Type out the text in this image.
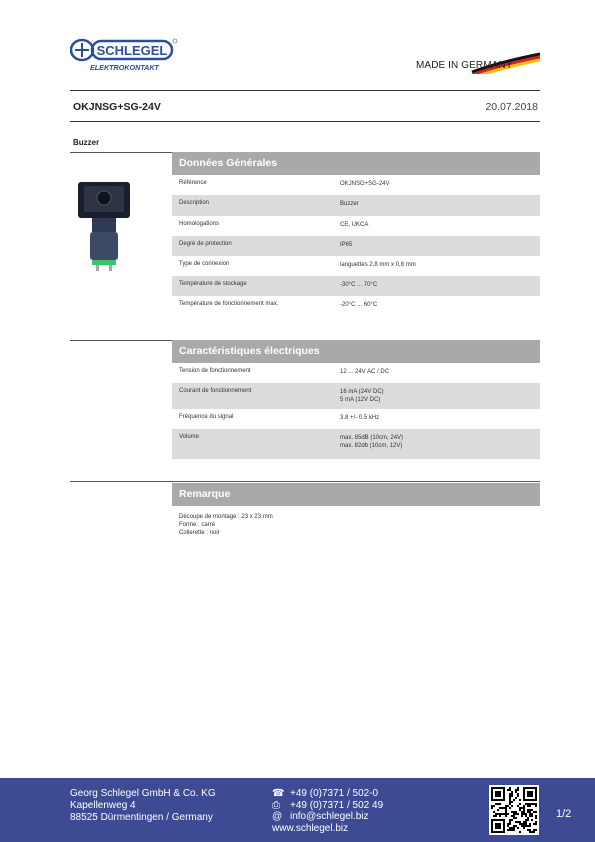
SCHLEGEL
ELEKTROKONTAKT	MADE IN GERMANY
OKJNSG+SG-24V	20.07.2018
Buzzer
Données Générales
Référence	OKJNSG+SG-24V
Description	Buzzer
Homologations	CE, UKCA
Degré de protection	IP65
Type de connexion	languettes 2,8 mm x 0,8 mm
Température de stockage	-30°C ... 70°C
Température de fonctionnement max.	-20°C ... 60°C
Caractéristiques électriques
Tension de fonctionnement	12 ... 24V AC / DC
Courant de fonctionnement	16 mA (24V DC)
5 mA (12V DC)
Fréquence du signal	3.8 +/- 0.5 kHz
Volume	max. 85dB (10cm, 24V)
max. 82db (10cm, 12V)
Remarque
Découpe de montage : 23 x 23 mm
Forme : carré
Collerette : noir
Georg Schlegel GmbH & Co. KG
Kapellenweg 4
88525 Dürmentingen / Germany
☎ +49 (0)7371 / 502-0
⎙ +49 (0)7371 / 502 49
@ info@schlegel.biz
www.schlegel.biz
1/2
